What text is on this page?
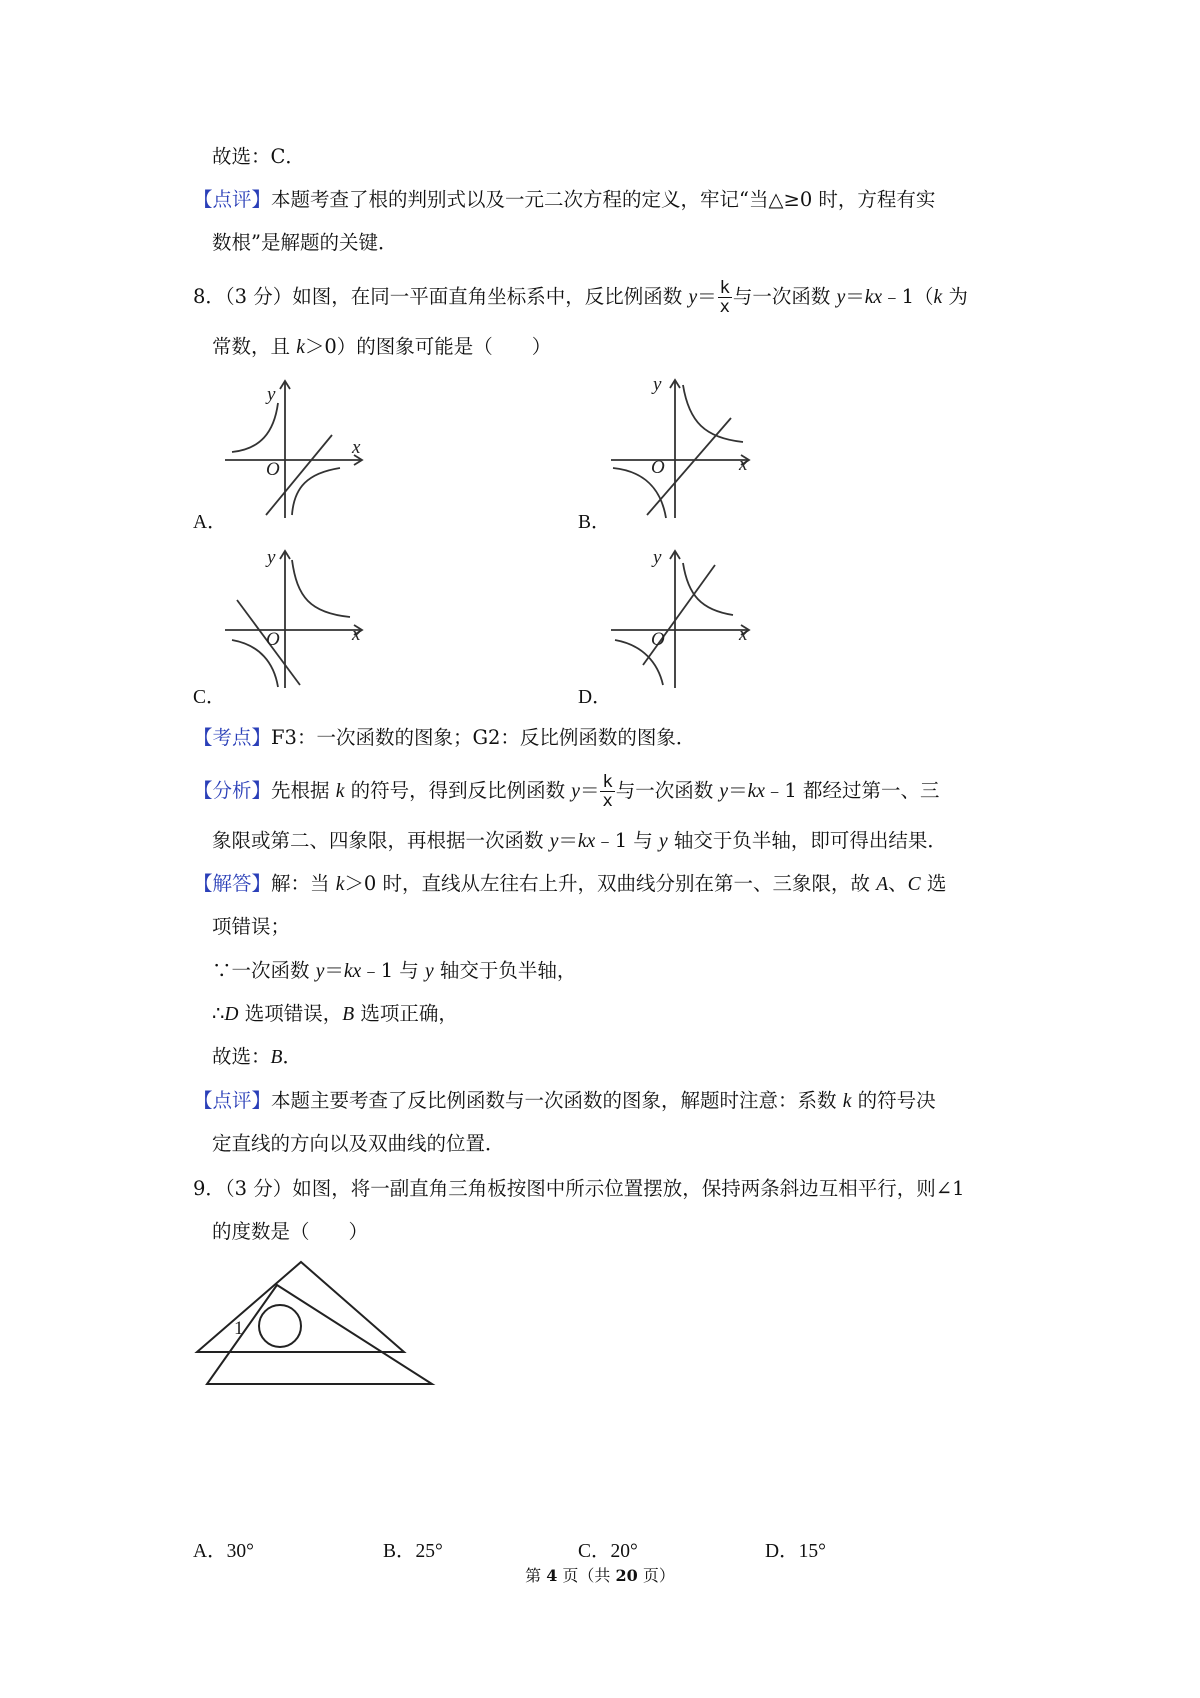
故选：C．
【点评】本题考查了根的判别式以及一元二次方程的定义，牢记“当△≥0 时，方程有实
数根”是解题的关键．
8．（3 分）如图，在同一平面直角坐标系中，反比例函数 $y= \frac{k}{x}$ 与一次函数 y＝kx﹣1（k 为
常数，且 k＞0）的图象可能是（　　）
y
x
O
A．
y
x
O
B．
y
x
O
C．
y
x
O
D．
【考点】F3：一次函数的图象；G2：反比例函数的图象．
【分析】先根据 k 的符号，得到反比例函数 $y= \frac{k}{x}$ 与一次函数 y＝kx﹣1 都经过第一、三
象限或第二、四象限，再根据一次函数 y＝kx﹣1 与 y 轴交于负半轴，即可得出结果．
【解答】解：当 k＞0 时，直线从左往右上升，双曲线分别在第一、三象限，故 A、C 选
项错误；
∵一次函数 y＝kx﹣1 与 y 轴交于负半轴，
∴D 选项错误，B 选项正确，
故选：B．
【点评】本题主要考查了反比例函数与一次函数的图象，解题时注意：系数 k 的符号决
定直线的方向以及双曲线的位置．
9．（3 分）如图，将一副直角三角板按图中所示位置摆放，保持两条斜边互相平行，则∠1
的度数是（　　）
1
A．30°	B．25°	C．20°	D．15°
第 4 页（共 20 页）
